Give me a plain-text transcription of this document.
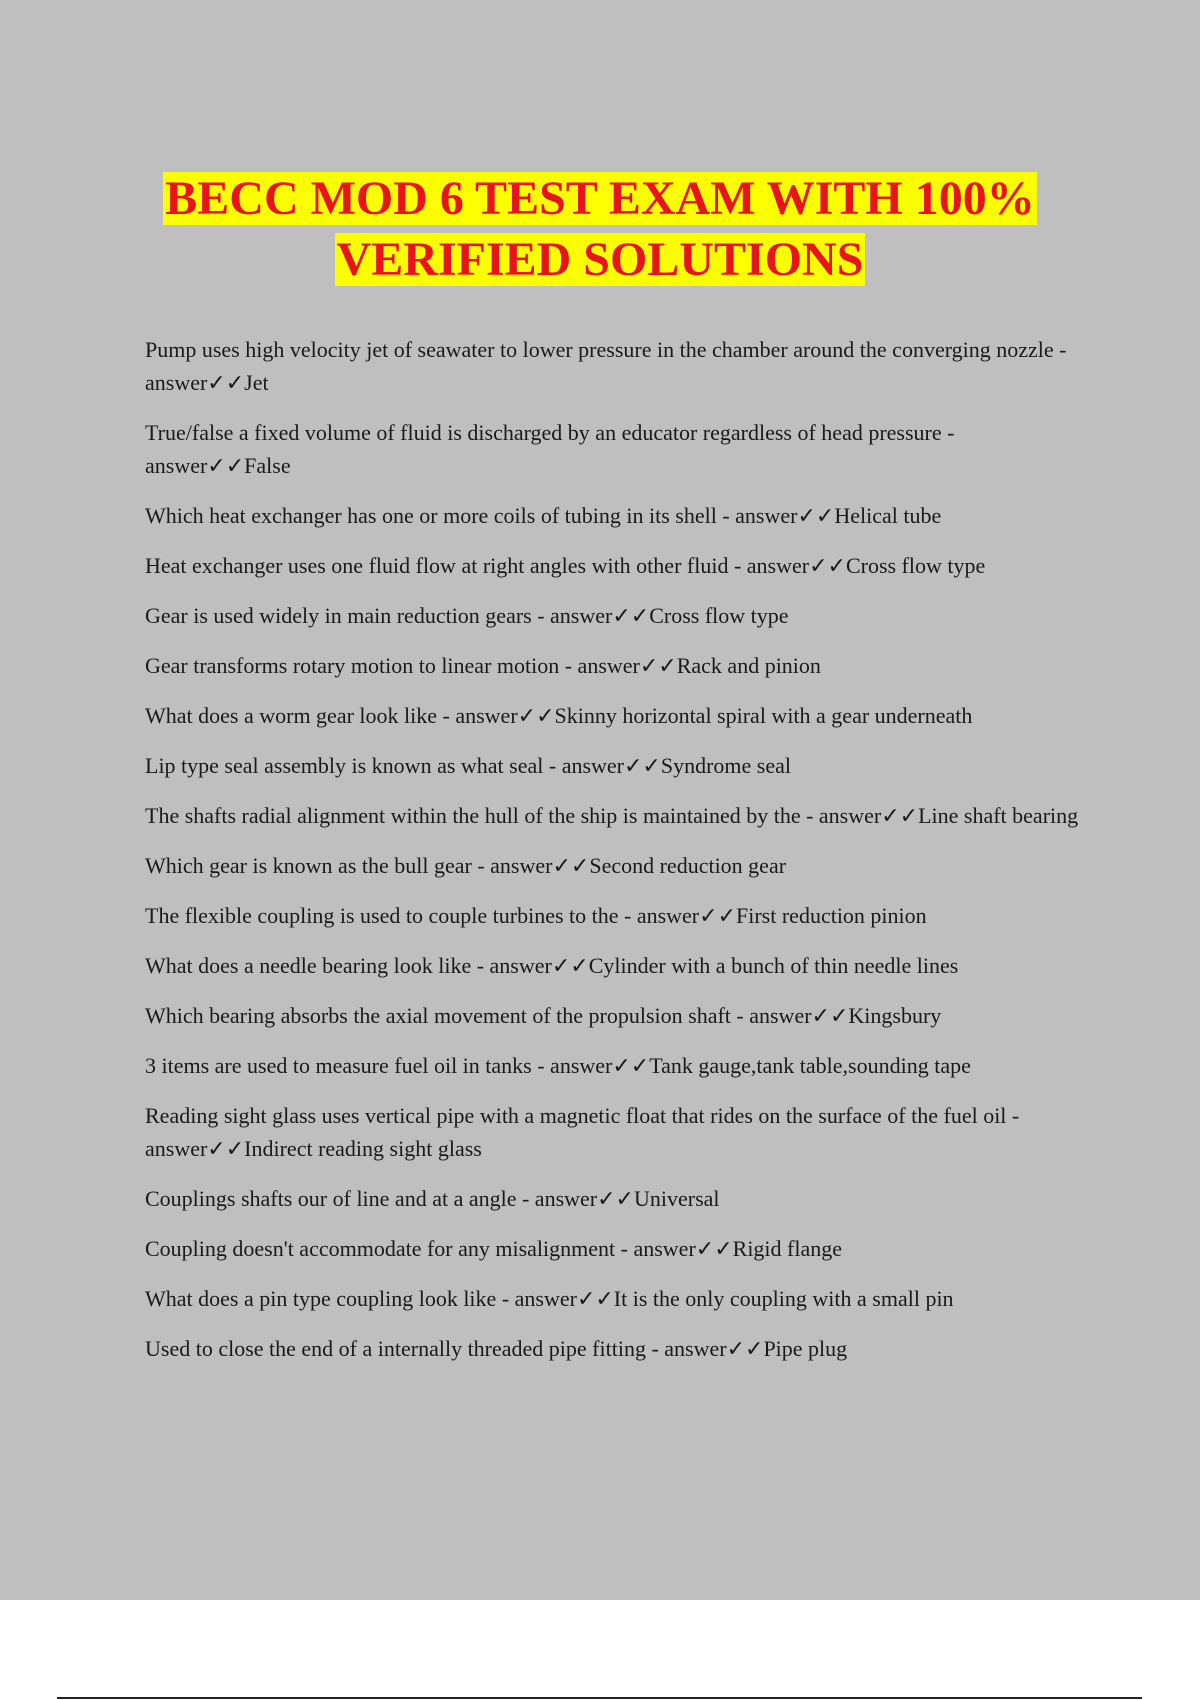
BECC MOD 6 TEST EXAM WITH 100%
VERIFIED SOLUTIONS
Pump uses high velocity jet of seawater to lower pressure in the chamber around the converging nozzle - answer✓✓Jet
True/false a fixed volume of fluid is discharged by an educator regardless of head pressure - answer✓✓False
Which heat exchanger has one or more coils of tubing in its shell - answer✓✓Helical tube
Heat exchanger uses one fluid flow at right angles with other fluid - answer✓✓Cross flow type
Gear is used widely in main reduction gears - answer✓✓Cross flow type
Gear transforms rotary motion to linear motion - answer✓✓Rack and pinion
What does a worm gear look like - answer✓✓Skinny horizontal spiral with a gear underneath
Lip type seal assembly is known as what seal - answer✓✓Syndrome seal
The shafts radial alignment within the hull of the ship is maintained by the - answer✓✓Line shaft bearing
Which gear is known as the bull gear - answer✓✓Second reduction gear
The flexible coupling is used to couple turbines to the - answer✓✓First reduction pinion
What does a needle bearing look like - answer✓✓Cylinder with a bunch of thin needle lines
Which bearing absorbs the axial movement of the propulsion shaft - answer✓✓Kingsbury
3 items are used to measure fuel oil in tanks - answer✓✓Tank gauge,tank table,sounding tape
Reading sight glass uses vertical pipe with a magnetic float that rides on the surface of the fuel oil - answer✓✓Indirect reading sight glass
Couplings shafts our of line and at a angle - answer✓✓Universal
Coupling doesn't accommodate for any misalignment - answer✓✓Rigid flange
What does a pin type coupling look like - answer✓✓It is the only coupling with a small pin
Used to close the end of a internally threaded pipe fitting - answer✓✓Pipe plug
